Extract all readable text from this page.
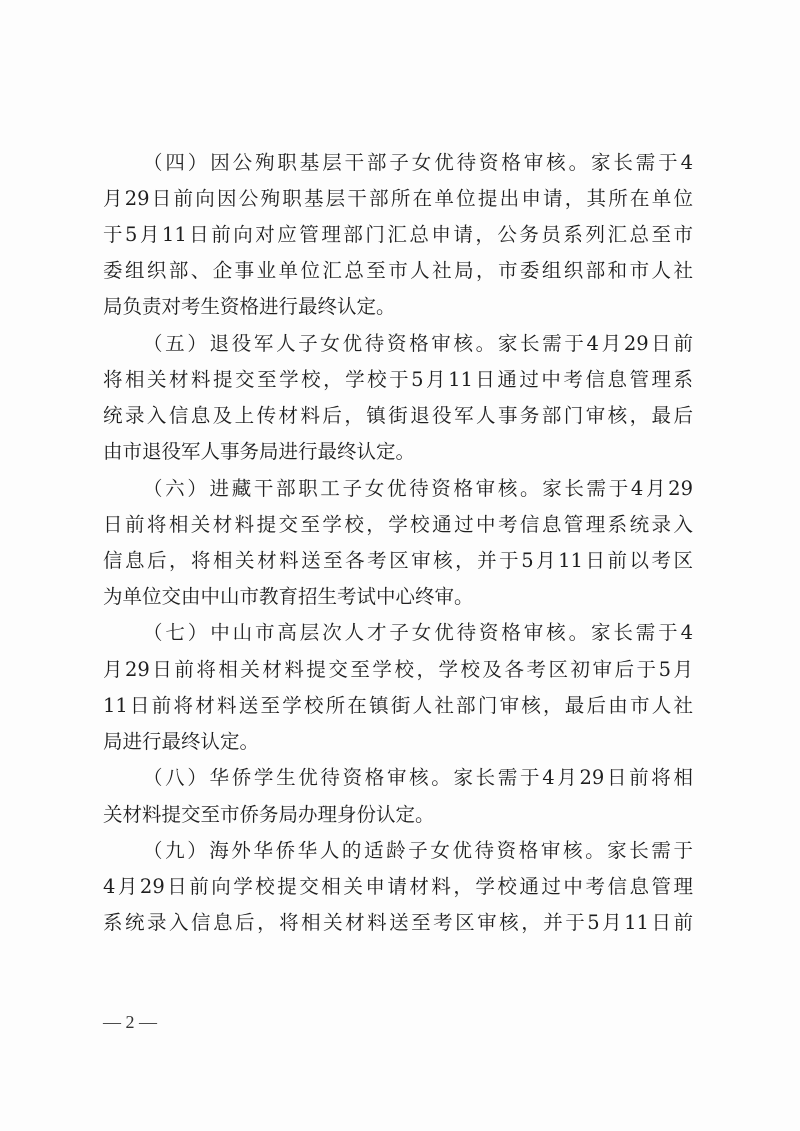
（四）因公殉职基层干部子女优待资格审核。家长需于4
月29日前向因公殉职基层干部所在单位提出申请，其所在单位
于5月11日前向对应管理部门汇总申请，公务员系列汇总至市
委组织部、企事业单位汇总至市人社局，市委组织部和市人社
局负责对考生资格进行最终认定。
（五）退役军人子女优待资格审核。家长需于4月29日前
将相关材料提交至学校，学校于5月11日通过中考信息管理系
统录入信息及上传材料后，镇街退役军人事务部门审核，最后
由市退役军人事务局进行最终认定。
（六）进藏干部职工子女优待资格审核。家长需于4月29
日前将相关材料提交至学校，学校通过中考信息管理系统录入
信息后，将相关材料送至各考区审核，并于5月11日前以考区
为单位交由中山市教育招生考试中心终审。
（七）中山市高层次人才子女优待资格审核。家长需于4
月29日前将相关材料提交至学校，学校及各考区初审后于5月
11日前将材料送至学校所在镇街人社部门审核，最后由市人社
局进行最终认定。
（八）华侨学生优待资格审核。家长需于4月29日前将相
关材料提交至市侨务局办理身份认定。
（九）海外华侨华人的适龄子女优待资格审核。家长需于
4月29日前向学校提交相关申请材料，学校通过中考信息管理
系统录入信息后，将相关材料送至考区审核，并于5月11日前
— 2 —
